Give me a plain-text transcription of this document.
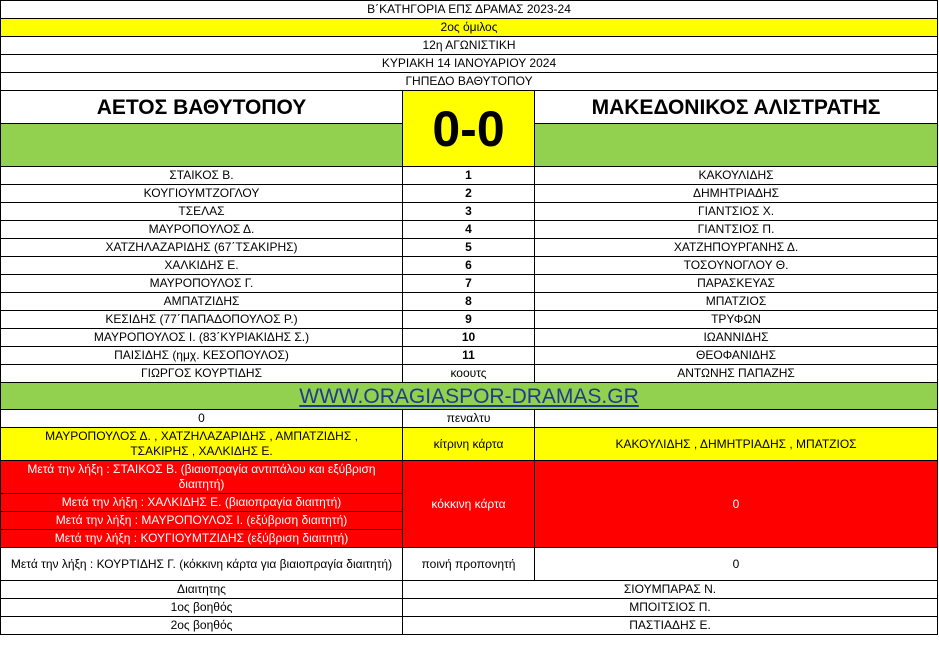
Β΄ΚΑΤΗΓΟΡΙΑ ΕΠΣ ΔΡΑΜΑΣ 2023-24		
2ος όμιλος		
12η ΑΓΩΝΙΣΤΙΚΗ		
ΚΥΡΙΑΚΗ 14 ΙΑΝΟΥΑΡΙΟΥ 2024		
ΓΗΠΕΔΟ ΒΑΘΥΤΟΠΟΥ		
ΑΕΤΟΣ ΒΑΘΥΤΟΠΟΥ	0-0	ΜΑΚΕΔΟΝΙΚΟΣ ΑΛΙΣΤΡΑΤΗΣ

ΣΤΑΙΚΟΣ Β.	1	ΚΑΚΟΥΛΙΔΗΣ
ΚΟΥΓΙΟΥΜΤΖΟΓΛΟΥ	2	ΔΗΜΗΤΡΙΑΔΗΣ
ΤΣΕΛΑΣ	3	ΓΙΑΝΤΣΙΟΣ Χ.
ΜΑΥΡΟΠΟΥΛΟΣ Δ.	4	ΓΙΑΝΤΣΙΟΣ Π.
ΧΑΤΖΗΛΑΖΑΡΙΔΗΣ (67΄ΤΣΑΚΙΡΗΣ)	5	ΧΑΤΖΗΠΟΥΡΓΑΝΗΣ Δ.
ΧΑΛΚΙΔΗΣ Ε.	6	ΤΟΣΟΥΝΟΓΛΟΥ Θ.
ΜΑΥΡΟΠΟΥΛΟΣ Γ.	7	ΠΑΡΑΣΚΕΥΑΣ
ΑΜΠΑΤΖΙΔΗΣ	8	ΜΠΑΤΖΙΟΣ
ΚΕΣΙΔΗΣ (77΄ΠΑΠΑΔΟΠΟΥΛΟΣ Ρ.)	9	ΤΡΥΦΩΝ
ΜΑΥΡΟΠΟΥΛΟΣ Ι. (83΄ΚΥΡΙΑΚΙΔΗΣ Σ.)	10	ΙΩΑΝΝΙΔΗΣ
ΠΑΙΣΙΔΗΣ (ημχ. ΚΕΣΟΠΟΥΛΟΣ)	11	ΘΕΟΦΑΝΙΔΗΣ
ΓΙΩΡΓΟΣ ΚΟΥΡΤΙΔΗΣ	κοουτς	ΑΝΤΩΝΗΣ ΠΑΠΑΖΗΣ
WWW.ORAGIASPOR-DRAMAS.GR		
0	πεναλτυ	

ΜΑΥΡΟΠΟΥΛΟΣ Δ. , ΧΑΤΖΗΛΑΖΑΡΙΔΗΣ , ΑΜΠΑΤΖΙΔΗΣ ,
ΤΣΑΚΙΡΗΣ , ΧΑΛΚΙΔΗΣ Ε.	κίτρινη κάρτα	ΚΑΚΟΥΛΙΔΗΣ , ΔΗΜΗΤΡΙΑΔΗΣ , ΜΠΑΤΖΙΟΣ
Μετά την λήξη : ΣΤΑΙΚΟΣ Β. (βιαιοπραγία αντιπάλου και εξύβριση διαιτητή)	κόκκινη κάρτα	0
Μετά την λήξη : ΧΑΛΚΙΔΗΣ Ε. (βιαιοπραγία διαιτητή)		
Μετά την λήξη : ΜΑΥΡΟΠΟΥΛΟΣ Ι. (εξύβριση διαιτητή)		
Μετά την λήξη : ΚΟΥΓΙΟΥΜΤΖΙΔΗΣ (εξύβριση διαιτητή)		
Μετά την λήξη : ΚΟΥΡΤΙΔΗΣ Γ. (κόκκινη κάρτα για βιαιοπραγία διαιτητή)	ποινή προπονητή	0
Διαιτητης	ΣΙΟΥΜΠΑΡΑΣ Ν.	
1ος βοηθός	ΜΠΟΙΤΣΙΟΣ Π.	
2ος βοηθός	ΠΑΣΤΙΑΔΗΣ Ε.	
